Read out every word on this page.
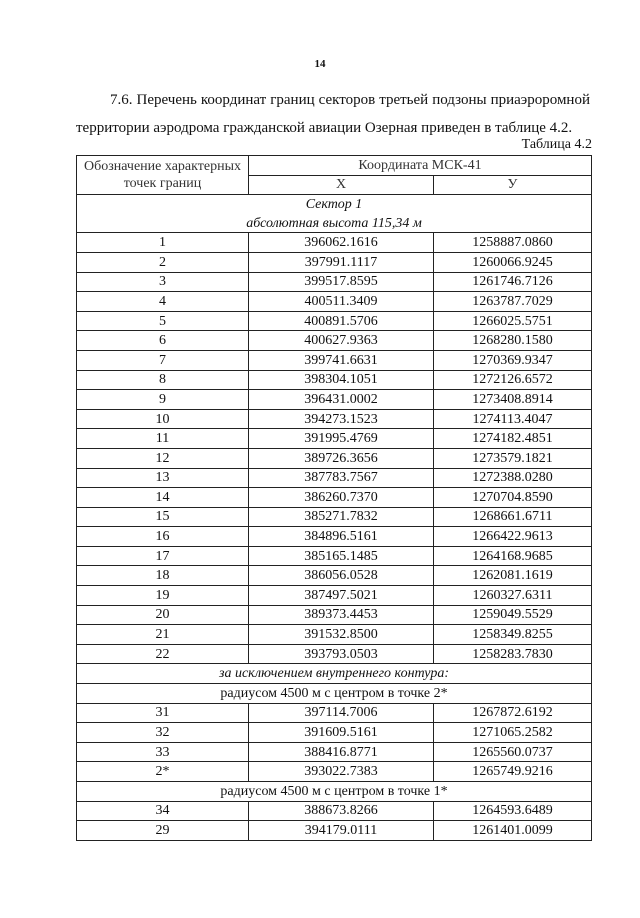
14
7.6. Перечень координат границ секторов третьей подзоны приаэроромной территории аэродрома гражданской авиации Озерная приведен в таблице 4.2.
Таблица 4.2
Обозначение характерных точек границ	Координата МСК-41	
	X	У
Сектор 1		
абсолютная высота 115,34 м		
1	396062.1616	1258887.0860
2	397991.1117	1260066.9245
3	399517.8595	1261746.7126
4	400511.3409	1263787.7029
5	400891.5706	1266025.5751
6	400627.9363	1268280.1580
7	399741.6631	1270369.9347
8	398304.1051	1272126.6572
9	396431.0002	1273408.8914
10	394273.1523	1274113.4047
11	391995.4769	1274182.4851
12	389726.3656	1273579.1821
13	387783.7567	1272388.0280
14	386260.7370	1270704.8590
15	385271.7832	1268661.6711
16	384896.5161	1266422.9613
17	385165.1485	1264168.9685
18	386056.0528	1262081.1619
19	387497.5021	1260327.6311
20	389373.4453	1259049.5529
21	391532.8500	1258349.8255
22	393793.0503	1258283.7830
за исключением внутреннего контура:		
радиусом 4500 м с центром в точке 2*		
31	397114.7006	1267872.6192
32	391609.5161	1271065.2582
33	388416.8771	1265560.0737
2*	393022.7383	1265749.9216
радиусом 4500 м с центром в точке 1*		
34	388673.8266	1264593.6489
29	394179.0111	1261401.0099
